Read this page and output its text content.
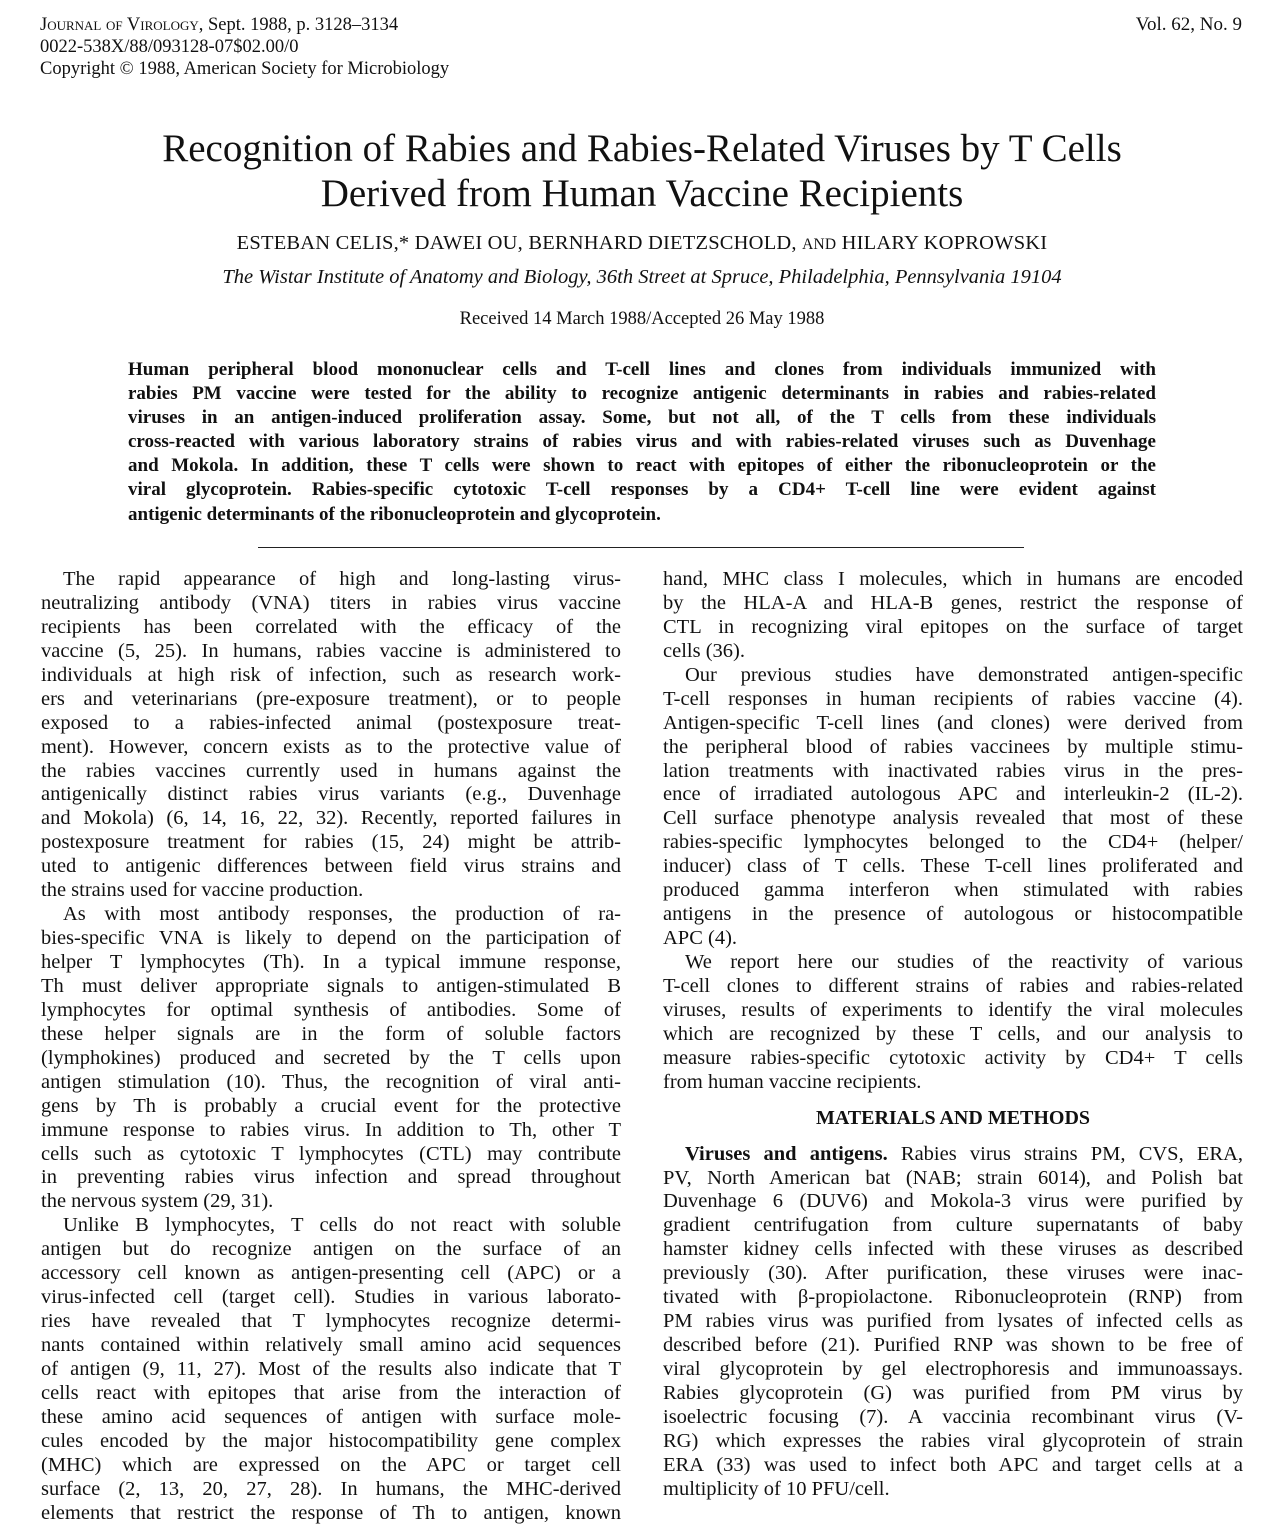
Journal of Virology, Sept. 1988, p. 3128–3134
0022-538X/88/093128-07$02.00/0
Copyright © 1988, American Society for Microbiology
Vol. 62, No. 9
Recognition of Rabies and Rabies-Related Viruses by T Cells
Derived from Human Vaccine Recipients
ESTEBAN CELIS,* DAWEI OU, BERNHARD DIETZSCHOLD, AND HILARY KOPROWSKI
The Wistar Institute of Anatomy and Biology, 36th Street at Spruce, Philadelphia, Pennsylvania 19104
Received 14 March 1988/Accepted 26 May 1988
Human peripheral blood mononuclear cells and T-cell lines and clones from individuals immunized with
rabies PM vaccine were tested for the ability to recognize antigenic determinants in rabies and rabies-related
viruses in an antigen-induced proliferation assay. Some, but not all, of the T cells from these individuals
cross-reacted with various laboratory strains of rabies virus and with rabies-related viruses such as Duvenhage
and Mokola. In addition, these T cells were shown to react with epitopes of either the ribonucleoprotein or the
viral glycoprotein. Rabies-specific cytotoxic T-cell responses by a CD4+ T-cell line were evident against
antigenic determinants of the ribonucleoprotein and glycoprotein.
The rapid appearance of high and long-lasting virus-
neutralizing antibody (VNA) titers in rabies virus vaccine
recipients has been correlated with the efficacy of the
vaccine (5, 25). In humans, rabies vaccine is administered to
individuals at high risk of infection, such as research work-
ers and veterinarians (pre-exposure treatment), or to people
exposed to a rabies-infected animal (postexposure treat-
ment). However, concern exists as to the protective value of
the rabies vaccines currently used in humans against the
antigenically distinct rabies virus variants (e.g., Duvenhage
and Mokola) (6, 14, 16, 22, 32). Recently, reported failures in
postexposure treatment for rabies (15, 24) might be attrib-
uted to antigenic differences between field virus strains and
the strains used for vaccine production.
As with most antibody responses, the production of ra-
bies-specific VNA is likely to depend on the participation of
helper T lymphocytes (Th). In a typical immune response,
Th must deliver appropriate signals to antigen-stimulated B
lymphocytes for optimal synthesis of antibodies. Some of
these helper signals are in the form of soluble factors
(lymphokines) produced and secreted by the T cells upon
antigen stimulation (10). Thus, the recognition of viral anti-
gens by Th is probably a crucial event for the protective
immune response to rabies virus. In addition to Th, other T
cells such as cytotoxic T lymphocytes (CTL) may contribute
in preventing rabies virus infection and spread throughout
the nervous system (29, 31).
Unlike B lymphocytes, T cells do not react with soluble
antigen but do recognize antigen on the surface of an
accessory cell known as antigen-presenting cell (APC) or a
virus-infected cell (target cell). Studies in various laborato-
ries have revealed that T lymphocytes recognize determi-
nants contained within relatively small amino acid sequences
of antigen (9, 11, 27). Most of the results also indicate that T
cells react with epitopes that arise from the interaction of
these amino acid sequences of antigen with surface mole-
cules encoded by the major histocompatibility gene complex
(MHC) which are expressed on the APC or target cell
surface (2, 13, 20, 27, 28). In humans, the MHC-derived
elements that restrict the response of Th to antigen, known
hand, MHC class I molecules, which in humans are encoded
by the HLA-A and HLA-B genes, restrict the response of
CTL in recognizing viral epitopes on the surface of target
cells (36).
Our previous studies have demonstrated antigen-specific
T-cell responses in human recipients of rabies vaccine (4).
Antigen-specific T-cell lines (and clones) were derived from
the peripheral blood of rabies vaccinees by multiple stimu-
lation treatments with inactivated rabies virus in the pres-
ence of irradiated autologous APC and interleukin-2 (IL-2).
Cell surface phenotype analysis revealed that most of these
rabies-specific lymphocytes belonged to the CD4+ (helper/
inducer) class of T cells. These T-cell lines proliferated and
produced gamma interferon when stimulated with rabies
antigens in the presence of autologous or histocompatible
APC (4).
We report here our studies of the reactivity of various
T-cell clones to different strains of rabies and rabies-related
viruses, results of experiments to identify the viral molecules
which are recognized by these T cells, and our analysis to
measure rabies-specific cytotoxic activity by CD4+ T cells
from human vaccine recipients.
MATERIALS AND METHODS
Viruses and antigens. Rabies virus strains PM, CVS, ERA,
PV, North American bat (NAB; strain 6014), and Polish bat
Duvenhage 6 (DUV6) and Mokola-3 virus were purified by
gradient centrifugation from culture supernatants of baby
hamster kidney cells infected with these viruses as described
previously (30). After purification, these viruses were inac-
tivated with β-propiolactone. Ribonucleoprotein (RNP) from
PM rabies virus was purified from lysates of infected cells as
described before (21). Purified RNP was shown to be free of
viral glycoprotein by gel electrophoresis and immunoassays.
Rabies glycoprotein (G) was purified from PM virus by
isoelectric focusing (7). A vaccinia recombinant virus (V-
RG) which expresses the rabies viral glycoprotein of strain
ERA (33) was used to infect both APC and target cells at a
multiplicity of 10 PFU/cell.
